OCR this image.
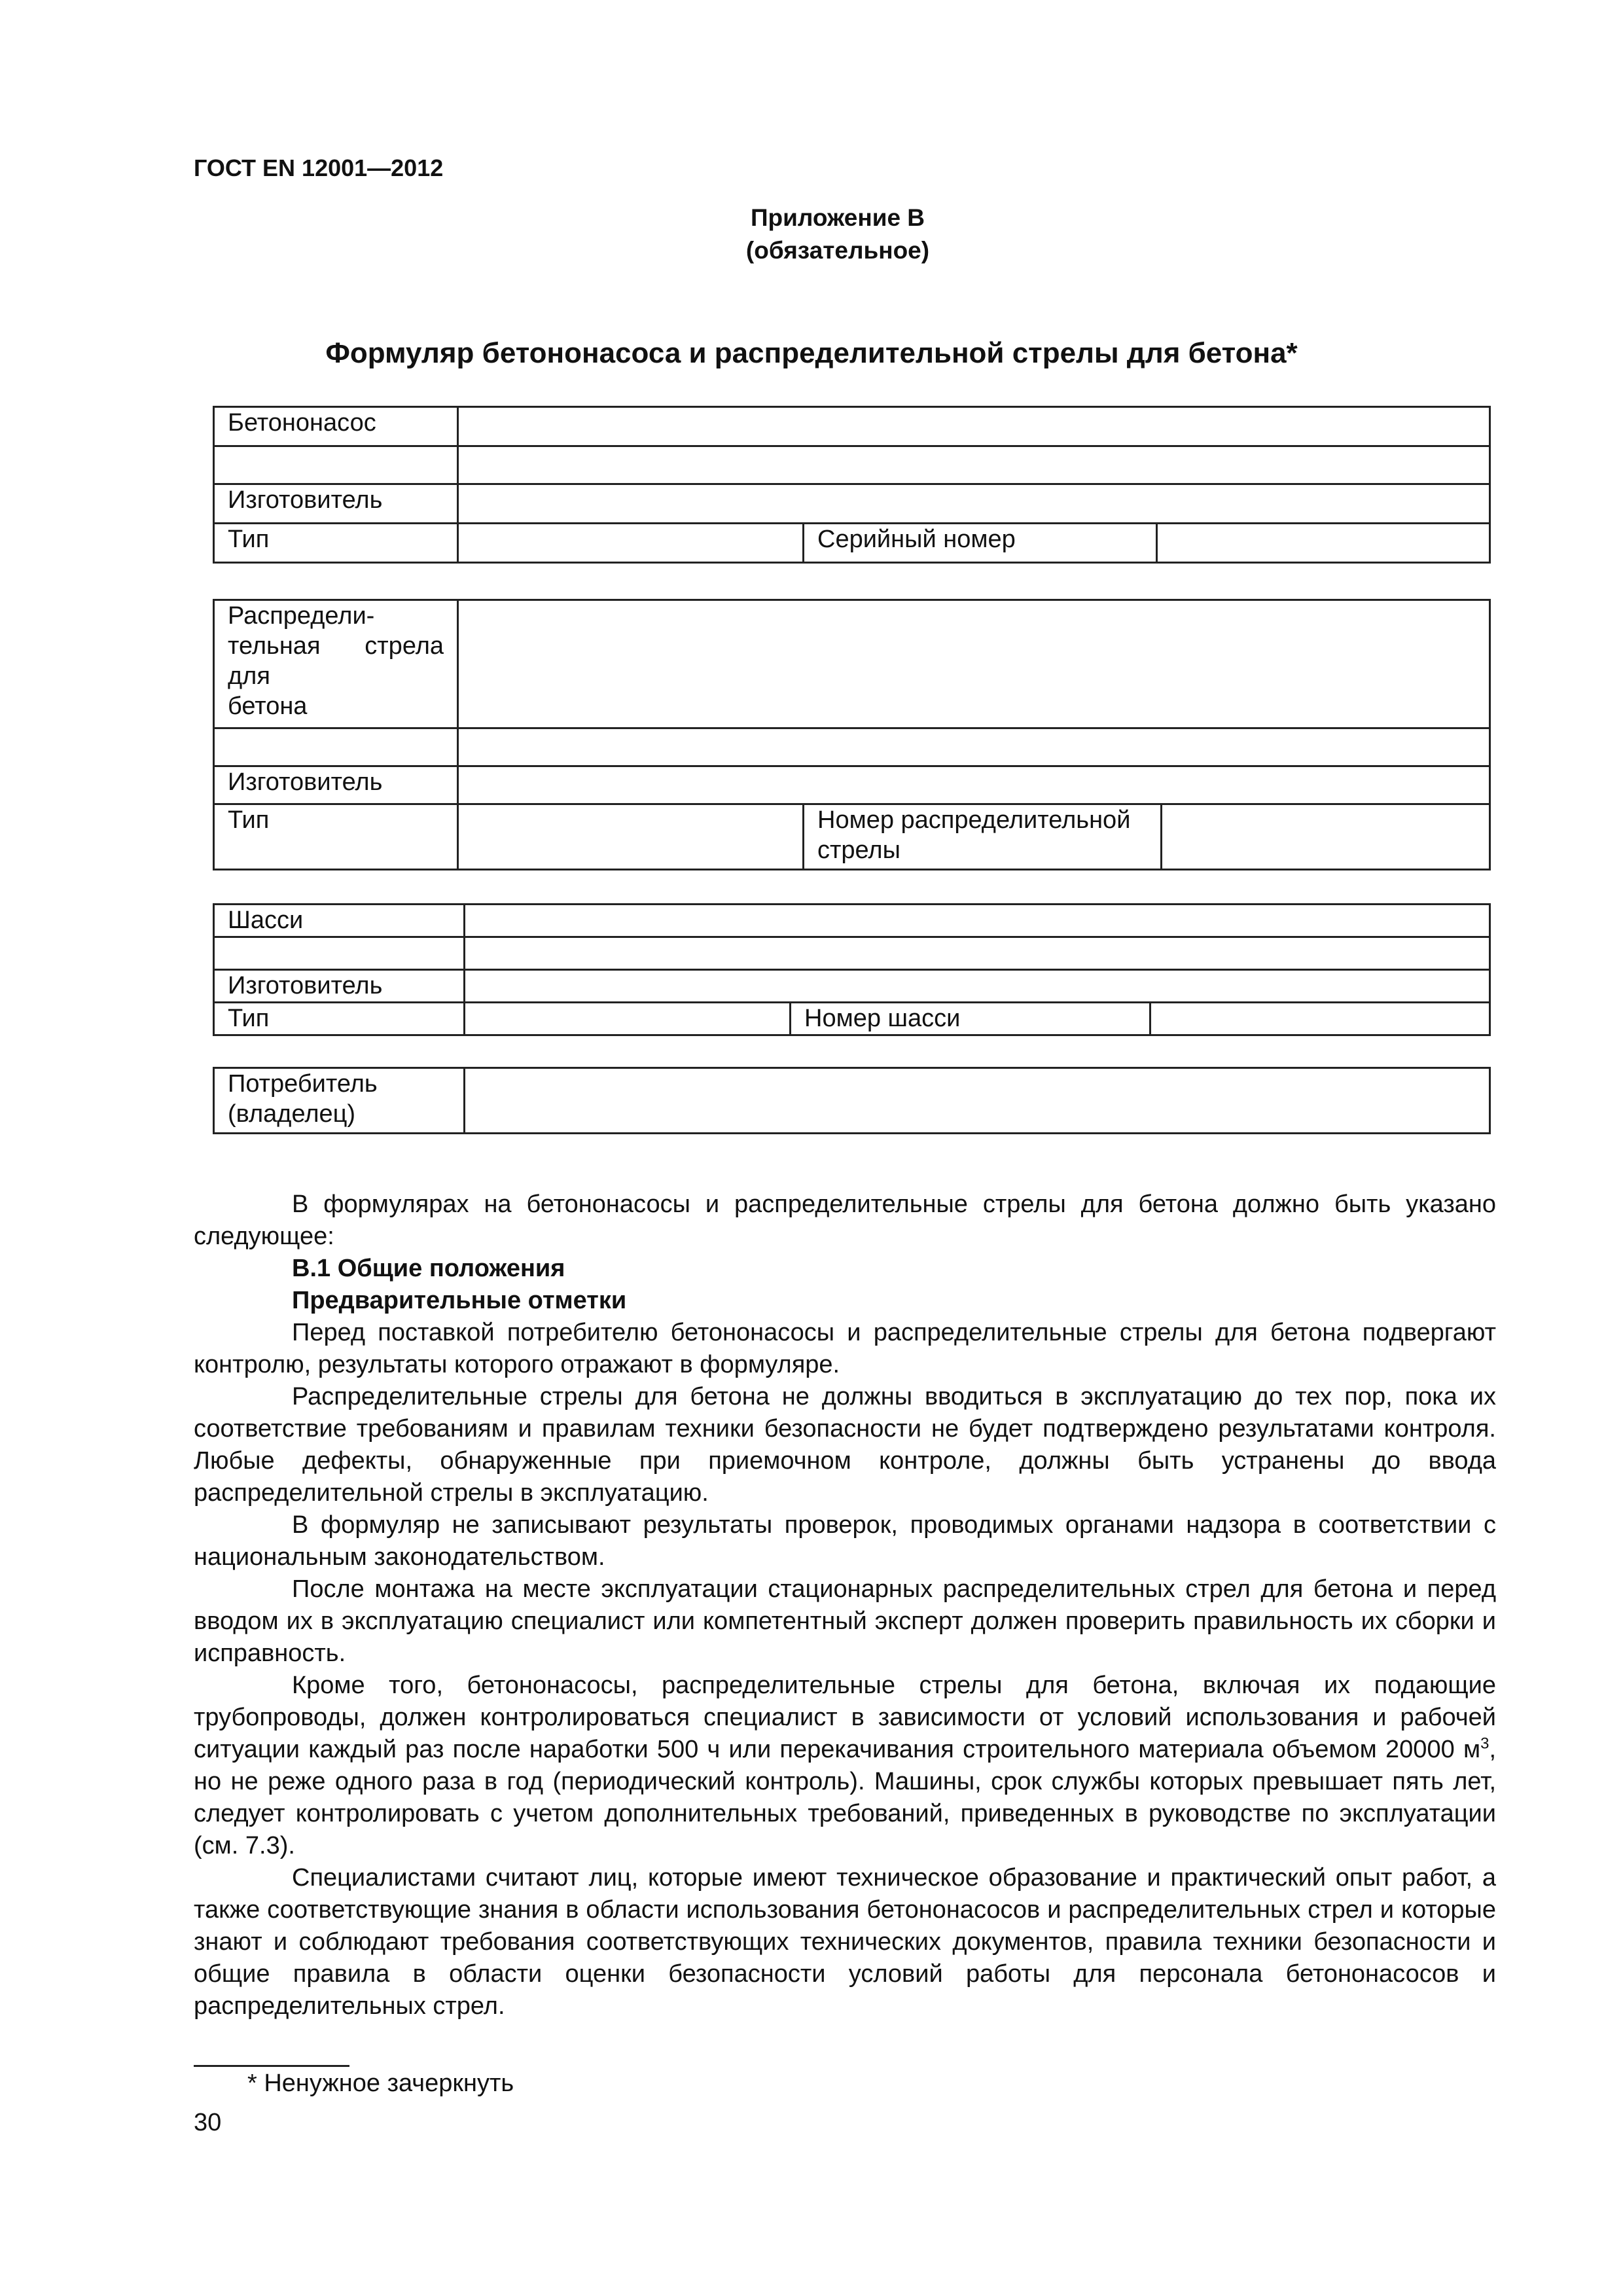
ГОСТ EN 12001—2012
Приложение В
(обязательное)
Формуляр бетононасоса и распределительной стрелы для бетона*
Бетононасос			

Изготовитель			
Тип		Серийный номер	
Распредели-
тельная стрела
для
бетона			

Изготовитель			
Тип		Номер распределительной
стрелы	

Шасси			

Изготовитель			
Тип		Номер шасси	
Потребитель
(владелец)

В формулярах на бетононасосы и распределительные стрелы для бетона должно быть указано следующее:

В.1 Общие положения

Предварительные отметки

Перед поставкой потребителю бетононасосы и распределительные стрелы для бетона подвергают контролю, результаты которого отражают в формуляре.

Распределительные стрелы для бетона не должны вводиться в эксплуатацию до тех пор, пока их соответствие требованиям и правилам техники безопасности не будет подтверждено результатами контроля. Любые дефекты, обнаруженные при приемочном контроле, должны быть устранены до ввода распределительной стрелы в эксплуатацию.

В формуляр не записывают результаты проверок, проводимых органами надзора в соответствии с национальным законодательством.

После монтажа на месте эксплуатации стационарных распределительных стрел для бетона и перед вводом их в эксплуатацию специалист или компетентный эксперт должен проверить правильность их сборки и исправность.

Кроме того, бетононасосы, распределительные стрелы для бетона, включая их подающие трубопроводы, должен контролироваться специалист в зависимости от условий использования и рабочей ситуации каждый раз после наработки 500 ч или перекачивания строительного материала объемом 20000 $м^3$, но не реже одного раза в год (периодический контроль). Машины, срок службы которых превышает пять лет, следует контролировать с учетом дополнительных требований, приведенных в руководстве по эксплуатации (см. 7.3).

Специалистами считают лиц, которые имеют техническое образование и практический опыт работ, а также соответствующие знания в области использования бетононасосов и распределительных стрел и которые знают и соблюдают требования соответствующих технических документов, правила техники безопасности и общие правила в области оценки безопасности условий работы для персонала бетононасосов и распределительных стрел.

* Ненужное зачеркнуть
30
